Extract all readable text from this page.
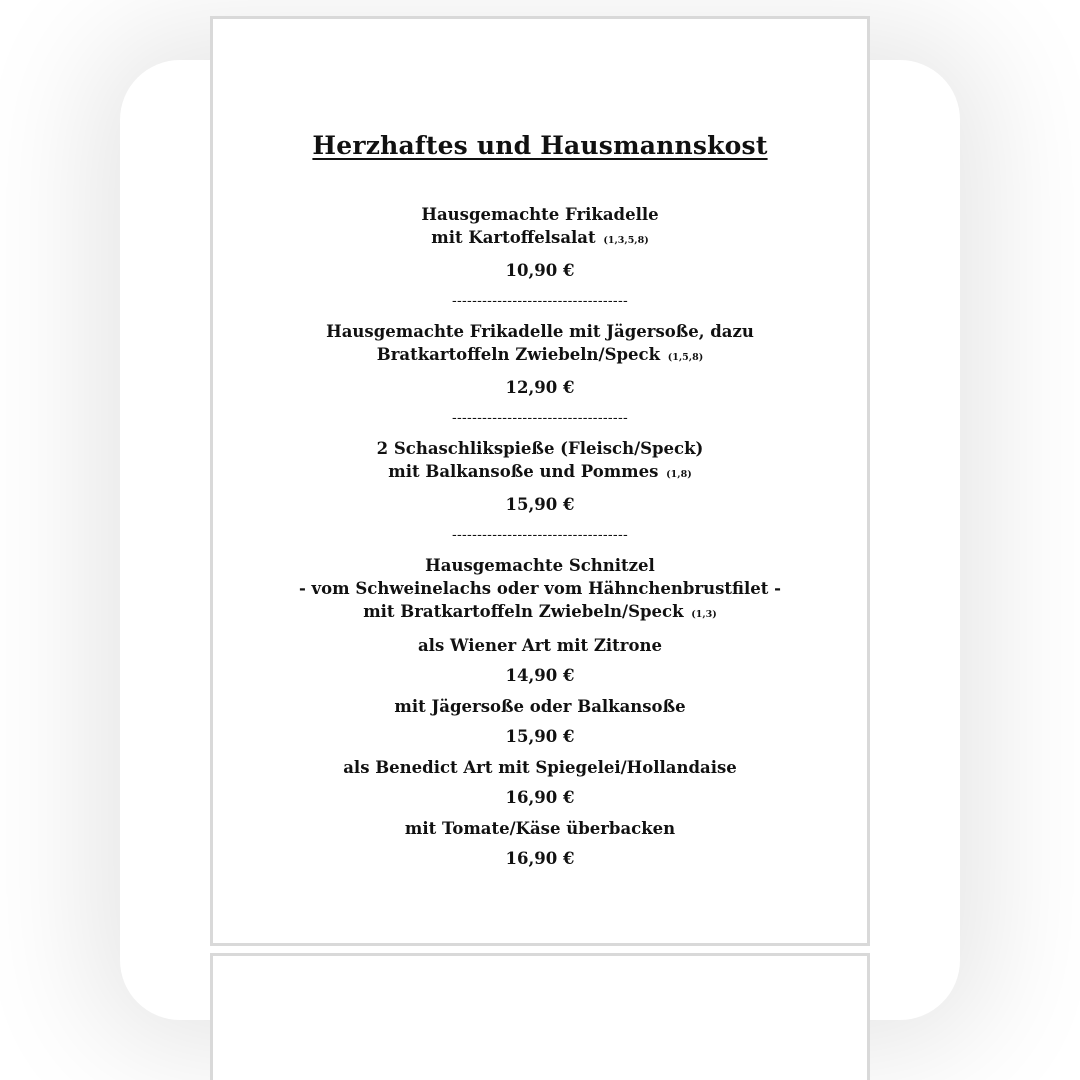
Herzhaftes und Hausmannskost
Hausgemachte Frikadelle
mit Kartoffelsalat (1,3,5,8)
10,90 €
-----------------------------------
Hausgemachte Frikadelle mit Jägersoße, dazu
Bratkartoffeln Zwiebeln/Speck (1,5,8)
12,90 €
-----------------------------------
2 Schaschlikspieße (Fleisch/Speck)
mit Balkansoße und Pommes (1,8)
15,90 €
-----------------------------------
Hausgemachte Schnitzel
- vom Schweinelachs oder vom Hähnchenbrustfilet -
mit Bratkartoffeln Zwiebeln/Speck (1,3)
als Wiener Art mit Zitrone
14,90 €
mit Jägersoße oder Balkansoße
15,90 €
als Benedict Art mit Spiegelei/Hollandaise
16,90 €
mit Tomate/Käse überbacken
16,90 €
